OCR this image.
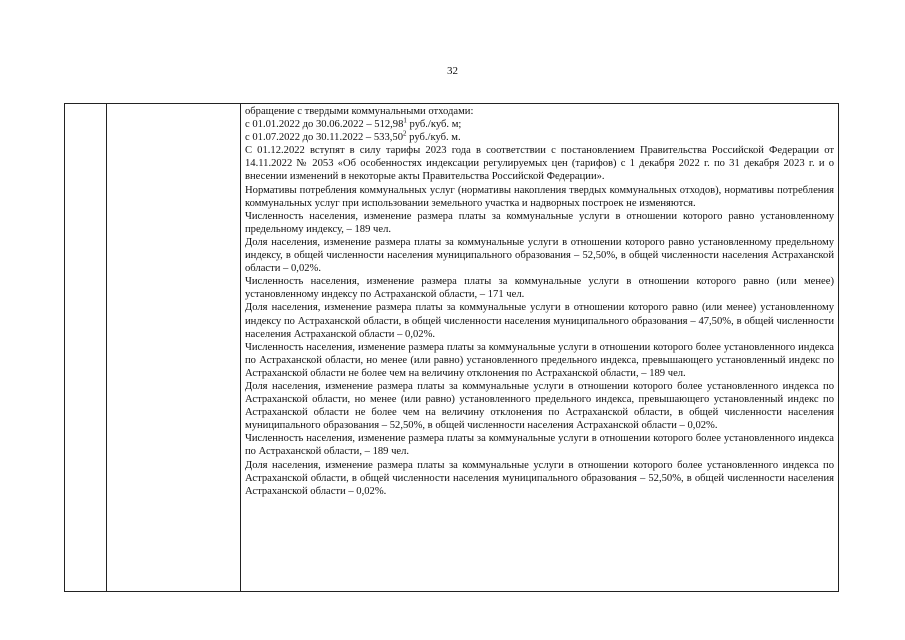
32

обращение с твердыми коммунальными отходами:

с 01.01.2022 до 30.06.2022 – 512,98$^1$ руб./куб. м;

с 01.07.2022 до 30.11.2022 – 533,50$^2$ руб./куб. м.

С 01.12.2022 вступят в силу тарифы 2023 года в соответствии с постановлением Правительства Российской Федерации от 14.11.2022 № 2053 «Об особенностях индексации регулируемых цен (тарифов) с 1 декабря 2022 г. по 31 декабря 2023 г. и о внесении изменений в некоторые акты Правительства Российской Федерации».

Нормативы потребления коммунальных услуг (нормативы накопления твердых коммунальных отходов), нормативы потребления коммунальных услуг при использовании земельного участка и надворных построек не изменяются.

Численность населения, изменение размера платы за коммунальные услуги в отношении которого равно установленному предельному индексу, – 189 чел.

Доля населения, изменение размера платы за коммунальные услуги в отношении которого равно установленному предельному индексу, в общей численности населения муниципального образования – 52,50%, в общей численности населения Астраханской области – 0,02%.

Численность населения, изменение размера платы за коммунальные услуги в отношении которого равно (или менее) установленному индексу по Астраханской области, – 171 чел.

Доля населения, изменение размера платы за коммунальные услуги в отношении которого равно (или менее) установленному индексу по Астраханской области, в общей численности населения муниципального образования – 47,50%, в общей численности населения Астраханской области – 0,02%.

Численность населения, изменение размера платы за коммунальные услуги в отношении которого более установленного индекса по Астраханской области, но менее (или равно) установленного предельного индекса, превышающего установленный индекс по Астраханской области не более чем на величину отклонения по Астраханской области, – 189 чел.

Доля населения, изменение размера платы за коммунальные услуги в отношении которого более установленного индекса по Астраханской области, но менее (или равно) установленного предельного индекса, превышающего установленный индекс по Астраханской области не более чем на величину отклонения по Астраханской области, в общей численности населения муниципального образования – 52,50%, в общей численности населения Астраханской области – 0,02%.

Численность населения, изменение размера платы за коммунальные услуги в отношении которого более установленного индекса по Астраханской области, – 189 чел.

Доля населения, изменение размера платы за коммунальные услуги в отношении которого более установленного индекса по Астраханской области, в общей численности населения муниципального образования – 52,50%, в общей численности населения Астраханской области – 0,02%.
